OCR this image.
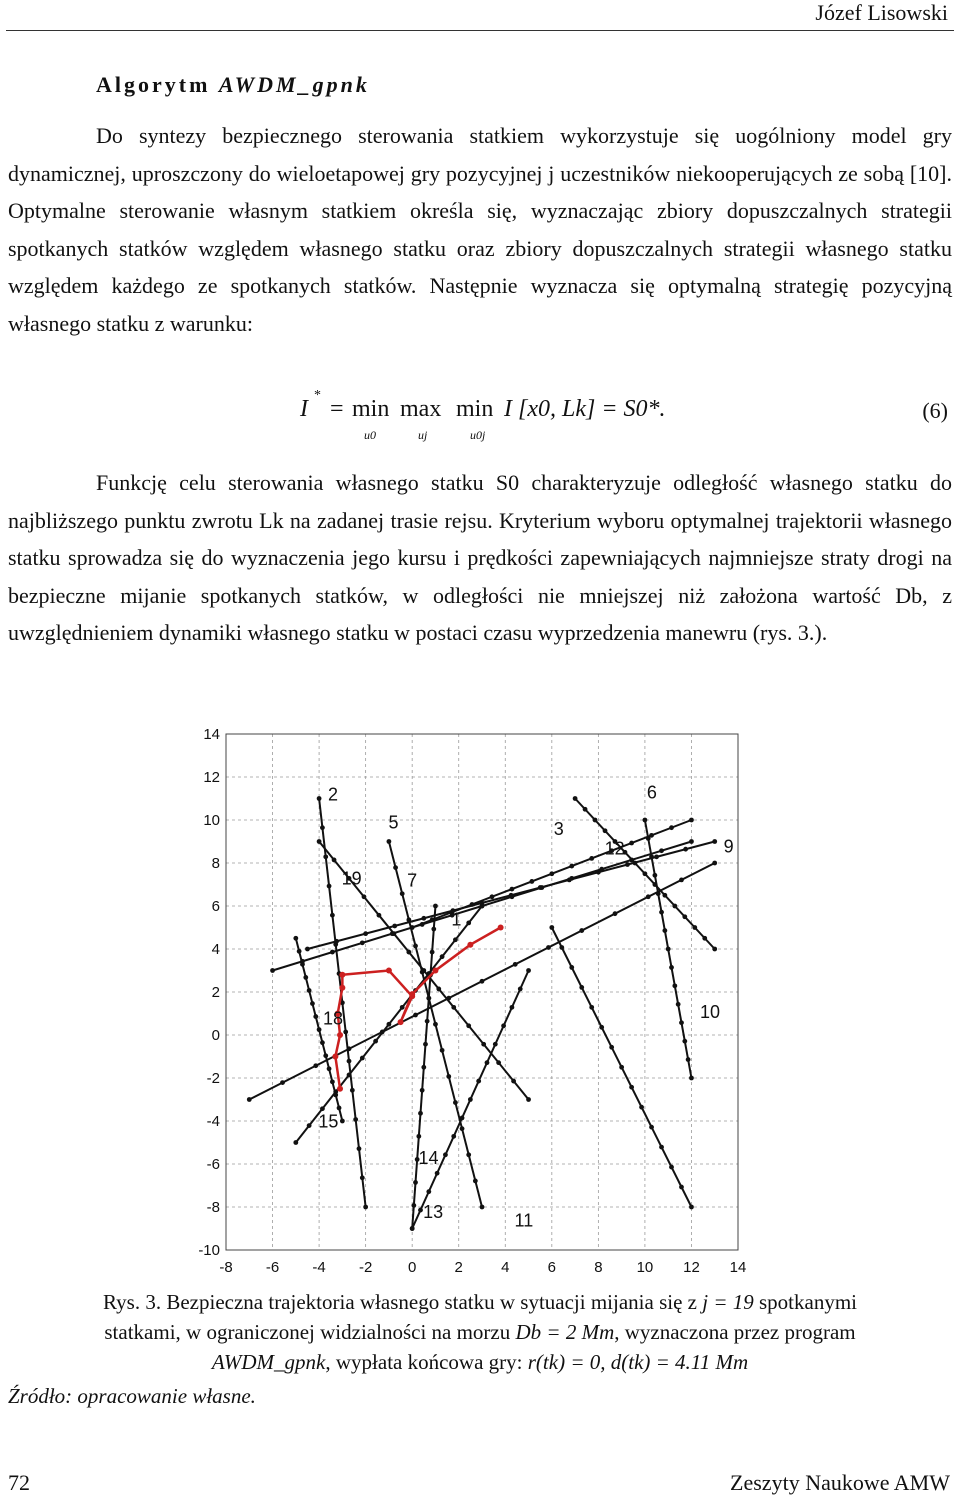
Józef Lisowski
Algorytm AWDM_gpnk

Do syntezy bezpiecznego sterowania statkiem wykorzystuje się uogólniony model gry dynamicznej, uproszczony do wieloetapowej gry pozycyjnej j uczestników niekooperujących ze sobą [10]. Optymalne sterowanie własnym statkiem określa się, wyznaczając zbiory dopuszczalnych strategii spotkanych statków względem własnego statku oraz zbiory dopuszczalnych strategii własnego statku względem każdego ze spotkanych statków. Następnie wyznacza się optymalną strategię pozycyjną własnego statku z warunku:

I
*
= min
u0
max
uj
min
u0j
I [x0, Lk] = S0*.	(6)

Funkcję celu sterowania własnego statku S0 charakteryzuje odległość własnego statku do najbliższego punktu zwrotu Lk na zadanej trasie rejsu. Kryterium wyboru optymalnej trajektorii własnego statku sprowadza się do wyznaczenia jego kursu i prędkości zapewniających najmniejsze straty drogi na bezpieczne mijanie spotkanych statków, w odległości nie mniejszej niż założona wartość Db, z uwzględnieniem dynamiki własnego statku w postaci czasu wyprzedzenia manewru (rys. 3.).

-8 -6 -4 -2 0	2	4	6	8 10 12 14
14
12
10
8
6
4
2
0
-2
-4
-6
-8
-10
1
2
3
5
6
7
9
10
11
12
13
14
15
18
19
Rys. 3. Bezpieczna trajektoria własnego statku w sytuacji mijania się z j = 19 spotkanymi
statkami, w ograniczonej widzialności na morzu Db = 2 Mm, wyznaczona przez program
AWDM_gpnk, wypłata końcowa gry: r(tk) = 0, d(tk) = 4.11 Mm
Źródło: opracowanie własne.
72	Zeszyty Naukowe AMW
